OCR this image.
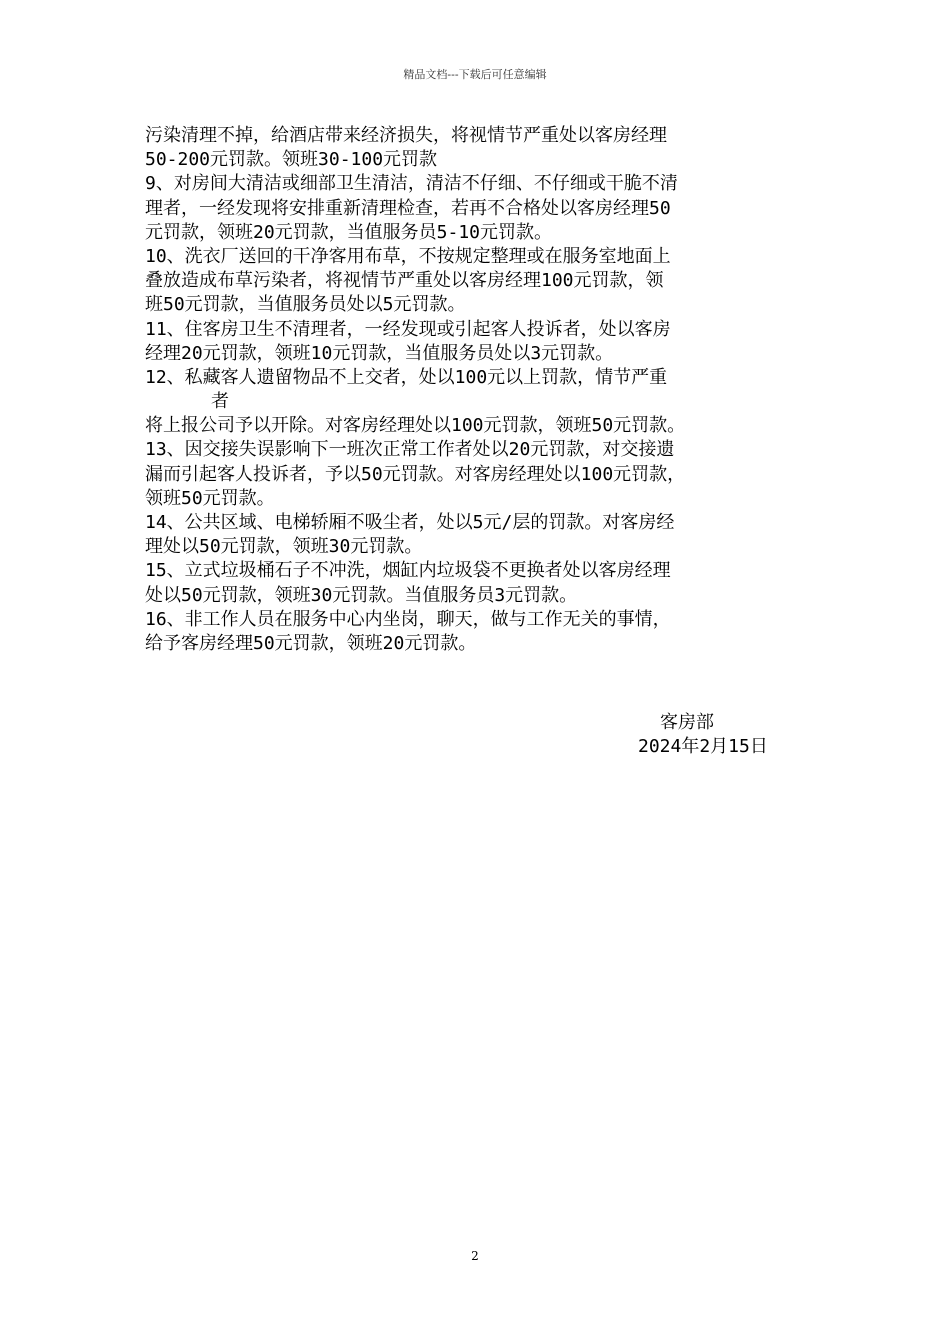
精品文档---下载后可任意编辑
污染清理不掉，给酒店带来经济损失，将视情节严重处以客房经理
50-200元罚款。领班30-100元罚款
9、对房间大清洁或细部卫生清洁，清洁不仔细、不仔细或干脆不清
理者，一经发现将安排重新清理检查，若再不合格处以客房经理50
元罚款，领班20元罚款，当值服务员5-10元罚款。
10、洗衣厂送回的干净客用布草，不按规定整理或在服务室地面上
叠放造成布草污染者，将视情节严重处以客房经理100元罚款，领
班50元罚款，当值服务员处以5元罚款。
11、住客房卫生不清理者，一经发现或引起客人投诉者，处以客房
经理20元罚款，领班10元罚款，当值服务员处以3元罚款。
12、私藏客人遗留物品不上交者，处以100元以上罚款，情节严重
者
将上报公司予以开除。对客房经理处以100元罚款，领班50元罚款。
13、因交接失误影响下一班次正常工作者处以20元罚款，对交接遗
漏而引起客人投诉者，予以50元罚款。对客房经理处以100元罚款，
领班50元罚款。
14、公共区域、电梯轿厢不吸尘者，处以5元/层的罚款。对客房经
理处以50元罚款，领班30元罚款。
15、立式垃圾桶石子不冲洗，烟缸内垃圾袋不更换者处以客房经理
处以50元罚款，领班30元罚款。当值服务员3元罚款。
16、非工作人员在服务中心内坐岗，聊天，做与工作无关的事情，
给予客房经理50元罚款，领班20元罚款。
客房部
2024年2月15日
2
